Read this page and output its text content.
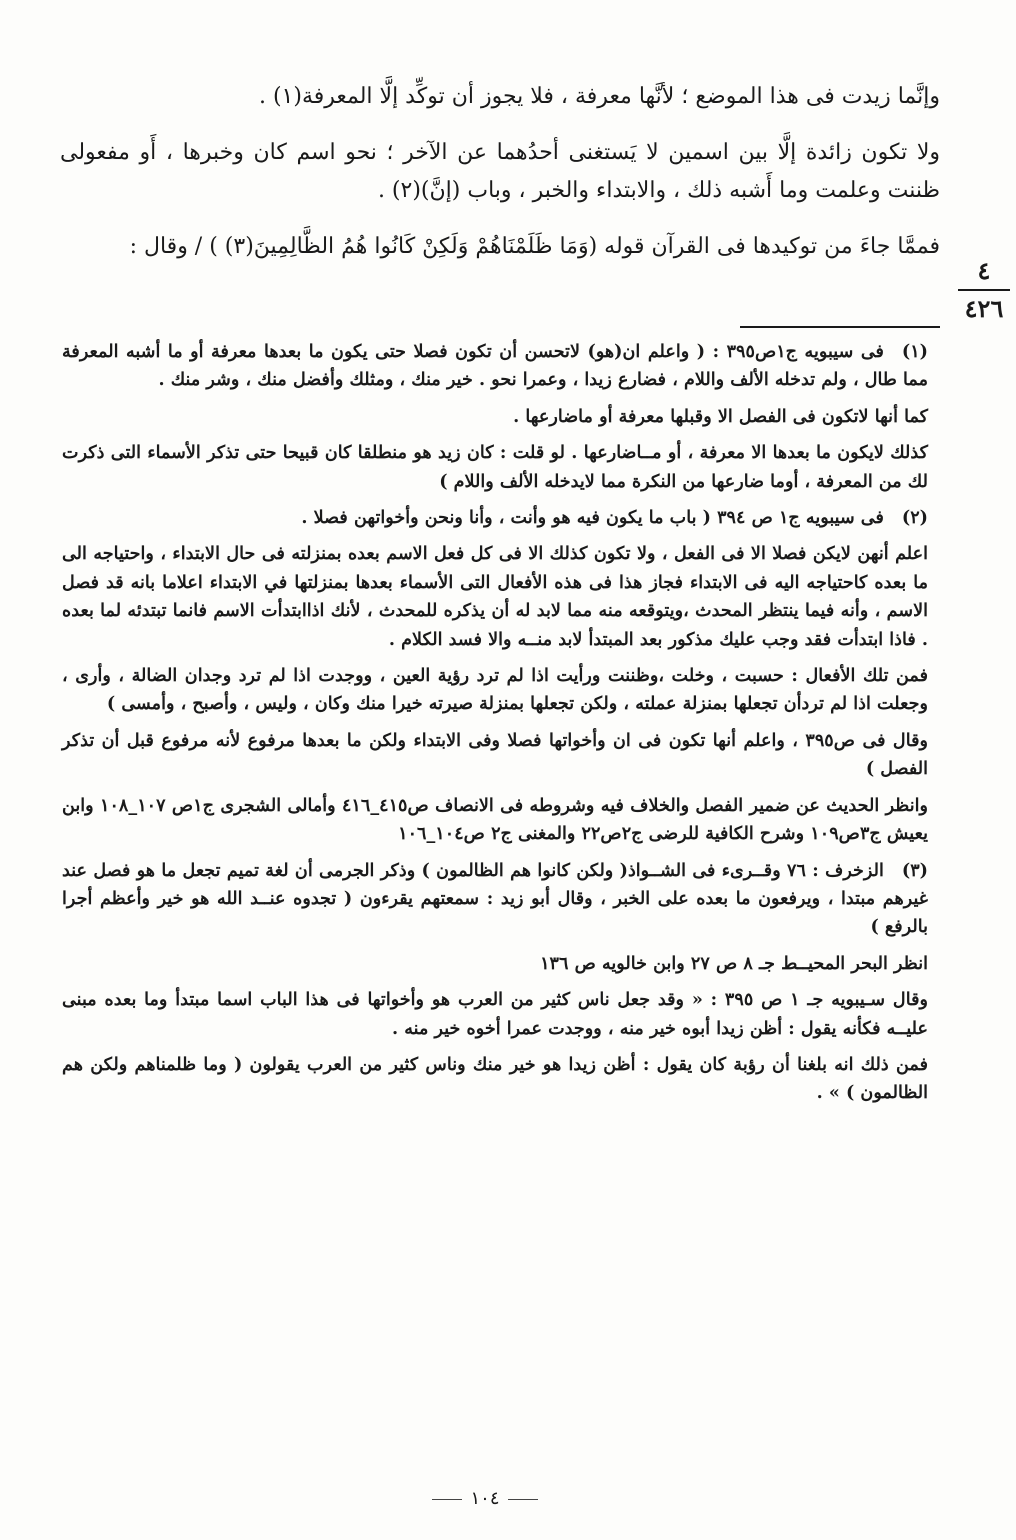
وإنَّما زيدت فى هذا الموضع ؛ لأنَّها معرفة ، فلا يجوز أن توكِّد إلَّا المعرفة(١) .

ولا تكون زائدة إلَّا بين اسمين لا يَستغنى أحدُهما عن الآخر ؛ نحو اسم كان وخبرها ، أَو مفعولى ظننت وعلمت وما أَشبه ذلك ، والابتداء والخبر ، وباب (إنَّ)(٢) .

فممَّا جاءَ من توكيدها فى القرآن قوله (وَمَا ظَلَمْنَاهُمْ وَلَكِنْ كَانُوا هُمُ الظَّالِمِينَ(٣) ) / وقال :

٤
٤٢٦

(١)فى سيبويه ج١ص٣٩٥ : ( واعلم ان(هو) لاتحسن أن تكون فصلا حتى يكون ما بعدها معرفة أو ما أشبه المعرفة مما طال ، ولم تدخله الألف واللام ، فضارع زيدا ، وعمرا نحو . خير منك ، ومثلك وأفضل منك ، وشر منك .

كما أنها لاتكون فى الفصل الا وقبلها معرفة أو ماضارعها .

كذلك لايكون ما بعدها الا معرفة ، أو مــاضارعها . لو قلت : كان زيد هو منطلقا كان قبيحا حتى تذكر الأسماء التى ذكرت لك من المعرفة ، أوما ضارعها من النكرة مما لايدخله الألف واللام )

(٢)فى سيبويه ج١ ص ٣٩٤ ( باب ما يكون فيه هو وأنت ، وأنا ونحن وأخواتهن فصلا .

اعلم أنهن لايكن فصلا الا فى الفعل ، ولا تكون كذلك الا فى كل فعل الاسم بعده بمنزلته فى حال الابتداء ، واحتياجه الى ما بعده كاحتياجه اليه فى الابتداء فجاز هذا فى هذه الأفعال التى الأسماء بعدها بمنزلتها في الابتداء اعلاما بانه قد فصل الاسم ، وأنه فيما ينتظر المحدث ،ويتوقعه منه مما لابد له أن يذكره للمحدث ، لأنك اذاابتدأت الاسم فانما تبتدئه لما بعده . فاذا ابتدأت فقد وجب عليك مذكور بعد المبتدأ لابد منــه والا فسد الكلام .

فمن تلك الأفعال : حسبت ، وخلت ،وظننت ورأيت اذا لم ترد رؤية العين ، ووجدت اذا لم ترد وجدان الضالة ، وأرى ، وجعلت اذا لم تردأن تجعلها بمنزلة عملته ، ولكن تجعلها بمنزلة صيرته خيرا منك وكان ، وليس ، وأصبح ، وأمسى )

وقال فى ص٣٩٥ ، واعلم أنها تكون فى ان وأخواتها فصلا وفى الابتداء ولكن ما بعدها مرفوع لأنه مرفوع قبل أن تذكر الفصل )

وانظر الحديث عن ضمير الفصل والخلاف فيه وشروطه فى الانصاف ص٤١٥_٤١٦ وأمالى الشجرى ج١ص ١٠٧_١٠٨ وابن يعيش ج٣ص١٠٩ وشرح الكافية للرضى ج٢ص٢٢ والمغنى ج٢ ص١٠٤_١٠٦

(٣)الزخرف : ٧٦ وقــرىء فى الشــواذ( ولكن كانوا هم الظالمون ) وذكر الجرمى أن لغة تميم تجعل ما هو فصل عند غيرهم مبتدا ، ويرفعون ما بعده على الخبر ، وقال أبو زيد : سمعتهم يقرءون ( تجدوه عنــد الله هو خير وأعظم أجرا بالرفع )

انظر البحر المحيــط جـ ٨ ص ٢٧ وابن خالويه ص ١٣٦

وقال سـيبويه جـ ١ ص ٣٩٥ : « وقد جعل ناس كثير من العرب هو وأخواتها فى هذا الباب اسما مبتدأ وما بعده مبنى عليــه فكأنه يقول : أظن زيدا أبوه خير منه ، ووجدت عمرا أخوه خير منه .

فمن ذلك انه بلغنا أن رؤبة كان يقول : أظن زيدا هو خير منك وناس كثير من العرب يقولون ( وما ظلمناهم ولكن هم الظالمون ) » .

١٠٤
